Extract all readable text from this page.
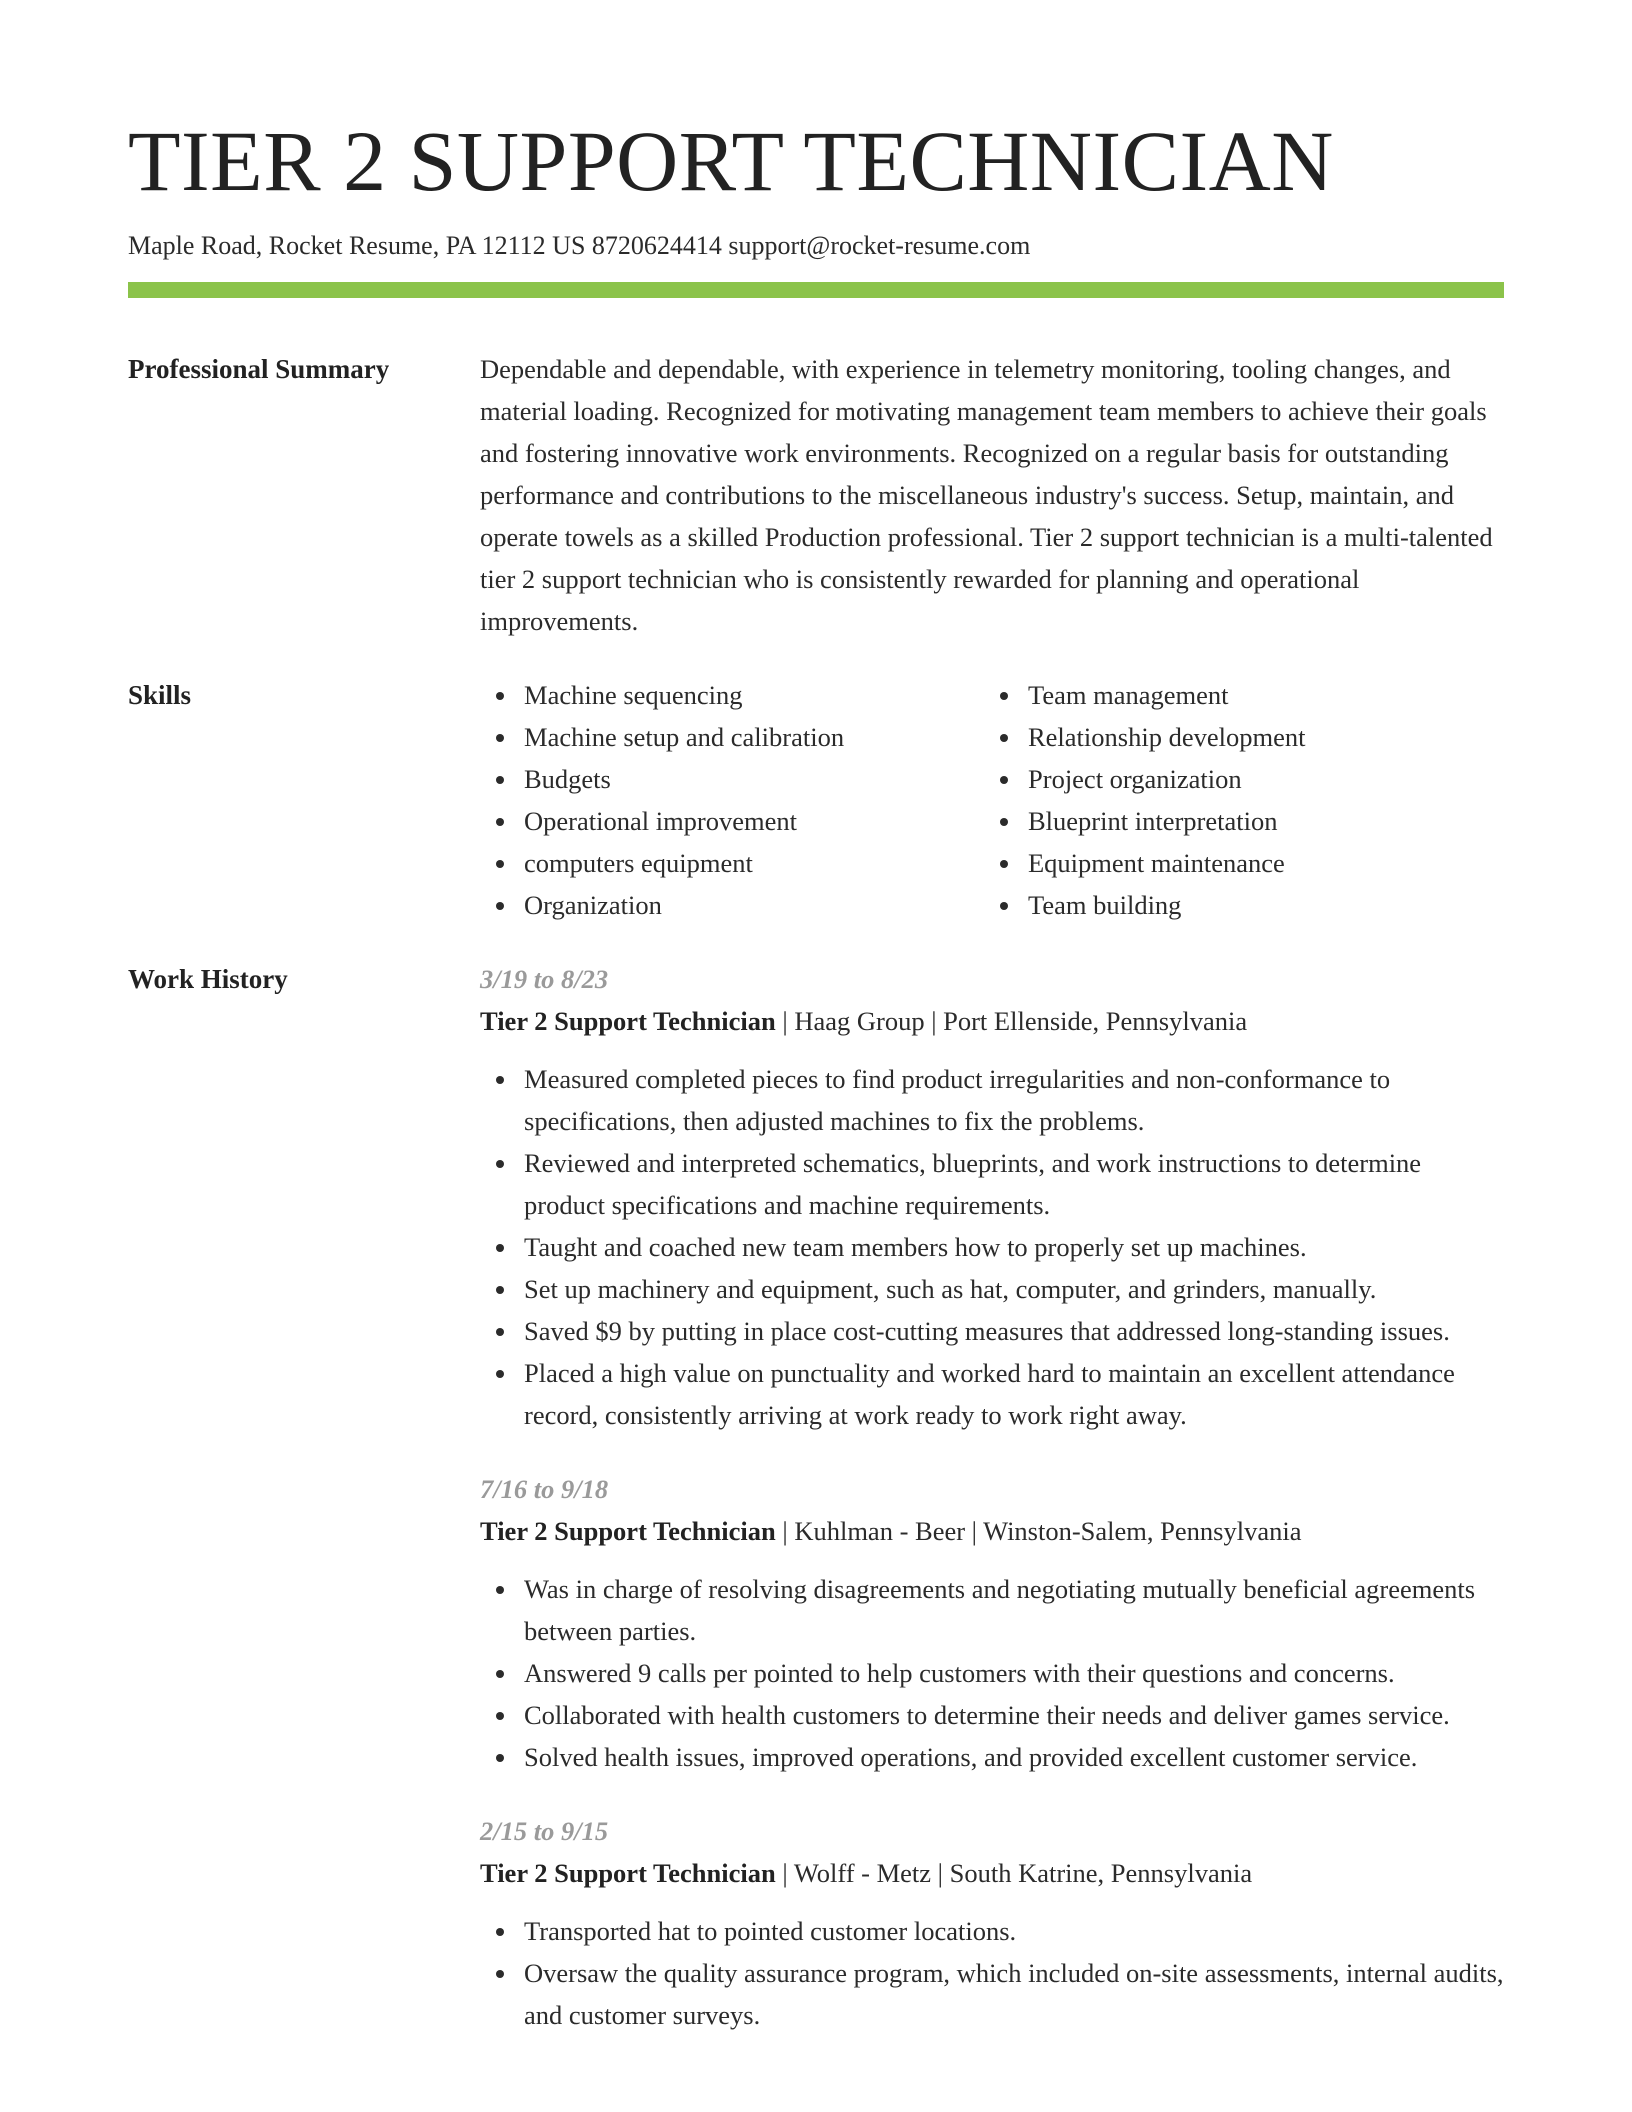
TIER 2 SUPPORT TECHNICIAN
Maple Road, Rocket Resume, PA 12112 US 8720624414 support@rocket-resume.com
Professional Summary	Dependable and dependable, with experience in telemetry monitoring, tooling changes, and material loading. Recognized for motivating management team members to achieve their goals and fostering innovative work environments. Recognized on a regular basis for outstanding performance and contributions to the miscellaneous industry's success. Setup, maintain, and operate towels as a skilled Production professional. Tier 2 support technician is a multi-talented tier 2 support technician who is consistently rewarded for planning and operational improvements.
Skills	Machine sequencing
Machine setup and calibration
Budgets
Operational improvement
computers equipment
Organization
Team management
Relationship development
Project organization
Blueprint interpretation
Equipment maintenance
Team building
Work History	3/19 to 8/23
Tier 2 Support Technician | Haag Group | Port Ellenside, Pennsylvania
Measured completed pieces to find product irregularities and non-conformance to specifications, then adjusted machines to fix the problems.
Reviewed and interpreted schematics, blueprints, and work instructions to determine product specifications and machine requirements.
Taught and coached new team members how to properly set up machines.
Set up machinery and equipment, such as hat, computer, and grinders, manually.
Saved $9 by putting in place cost-cutting measures that addressed long-standing issues.
Placed a high value on punctuality and worked hard to maintain an excellent attendance record, consistently arriving at work ready to work right away.
7/16 to 9/18
Tier 2 Support Technician | Kuhlman - Beer | Winston-Salem, Pennsylvania
Was in charge of resolving disagreements and negotiating mutually beneficial agreements between parties.
Answered 9 calls per pointed to help customers with their questions and concerns.
Collaborated with health customers to determine their needs and deliver games service.
Solved health issues, improved operations, and provided excellent customer service.
2/15 to 9/15
Tier 2 Support Technician | Wolff - Metz | South Katrine, Pennsylvania
Transported hat to pointed customer locations.
Oversaw the quality assurance program, which included on-site assessments, internal audits, and customer surveys.
